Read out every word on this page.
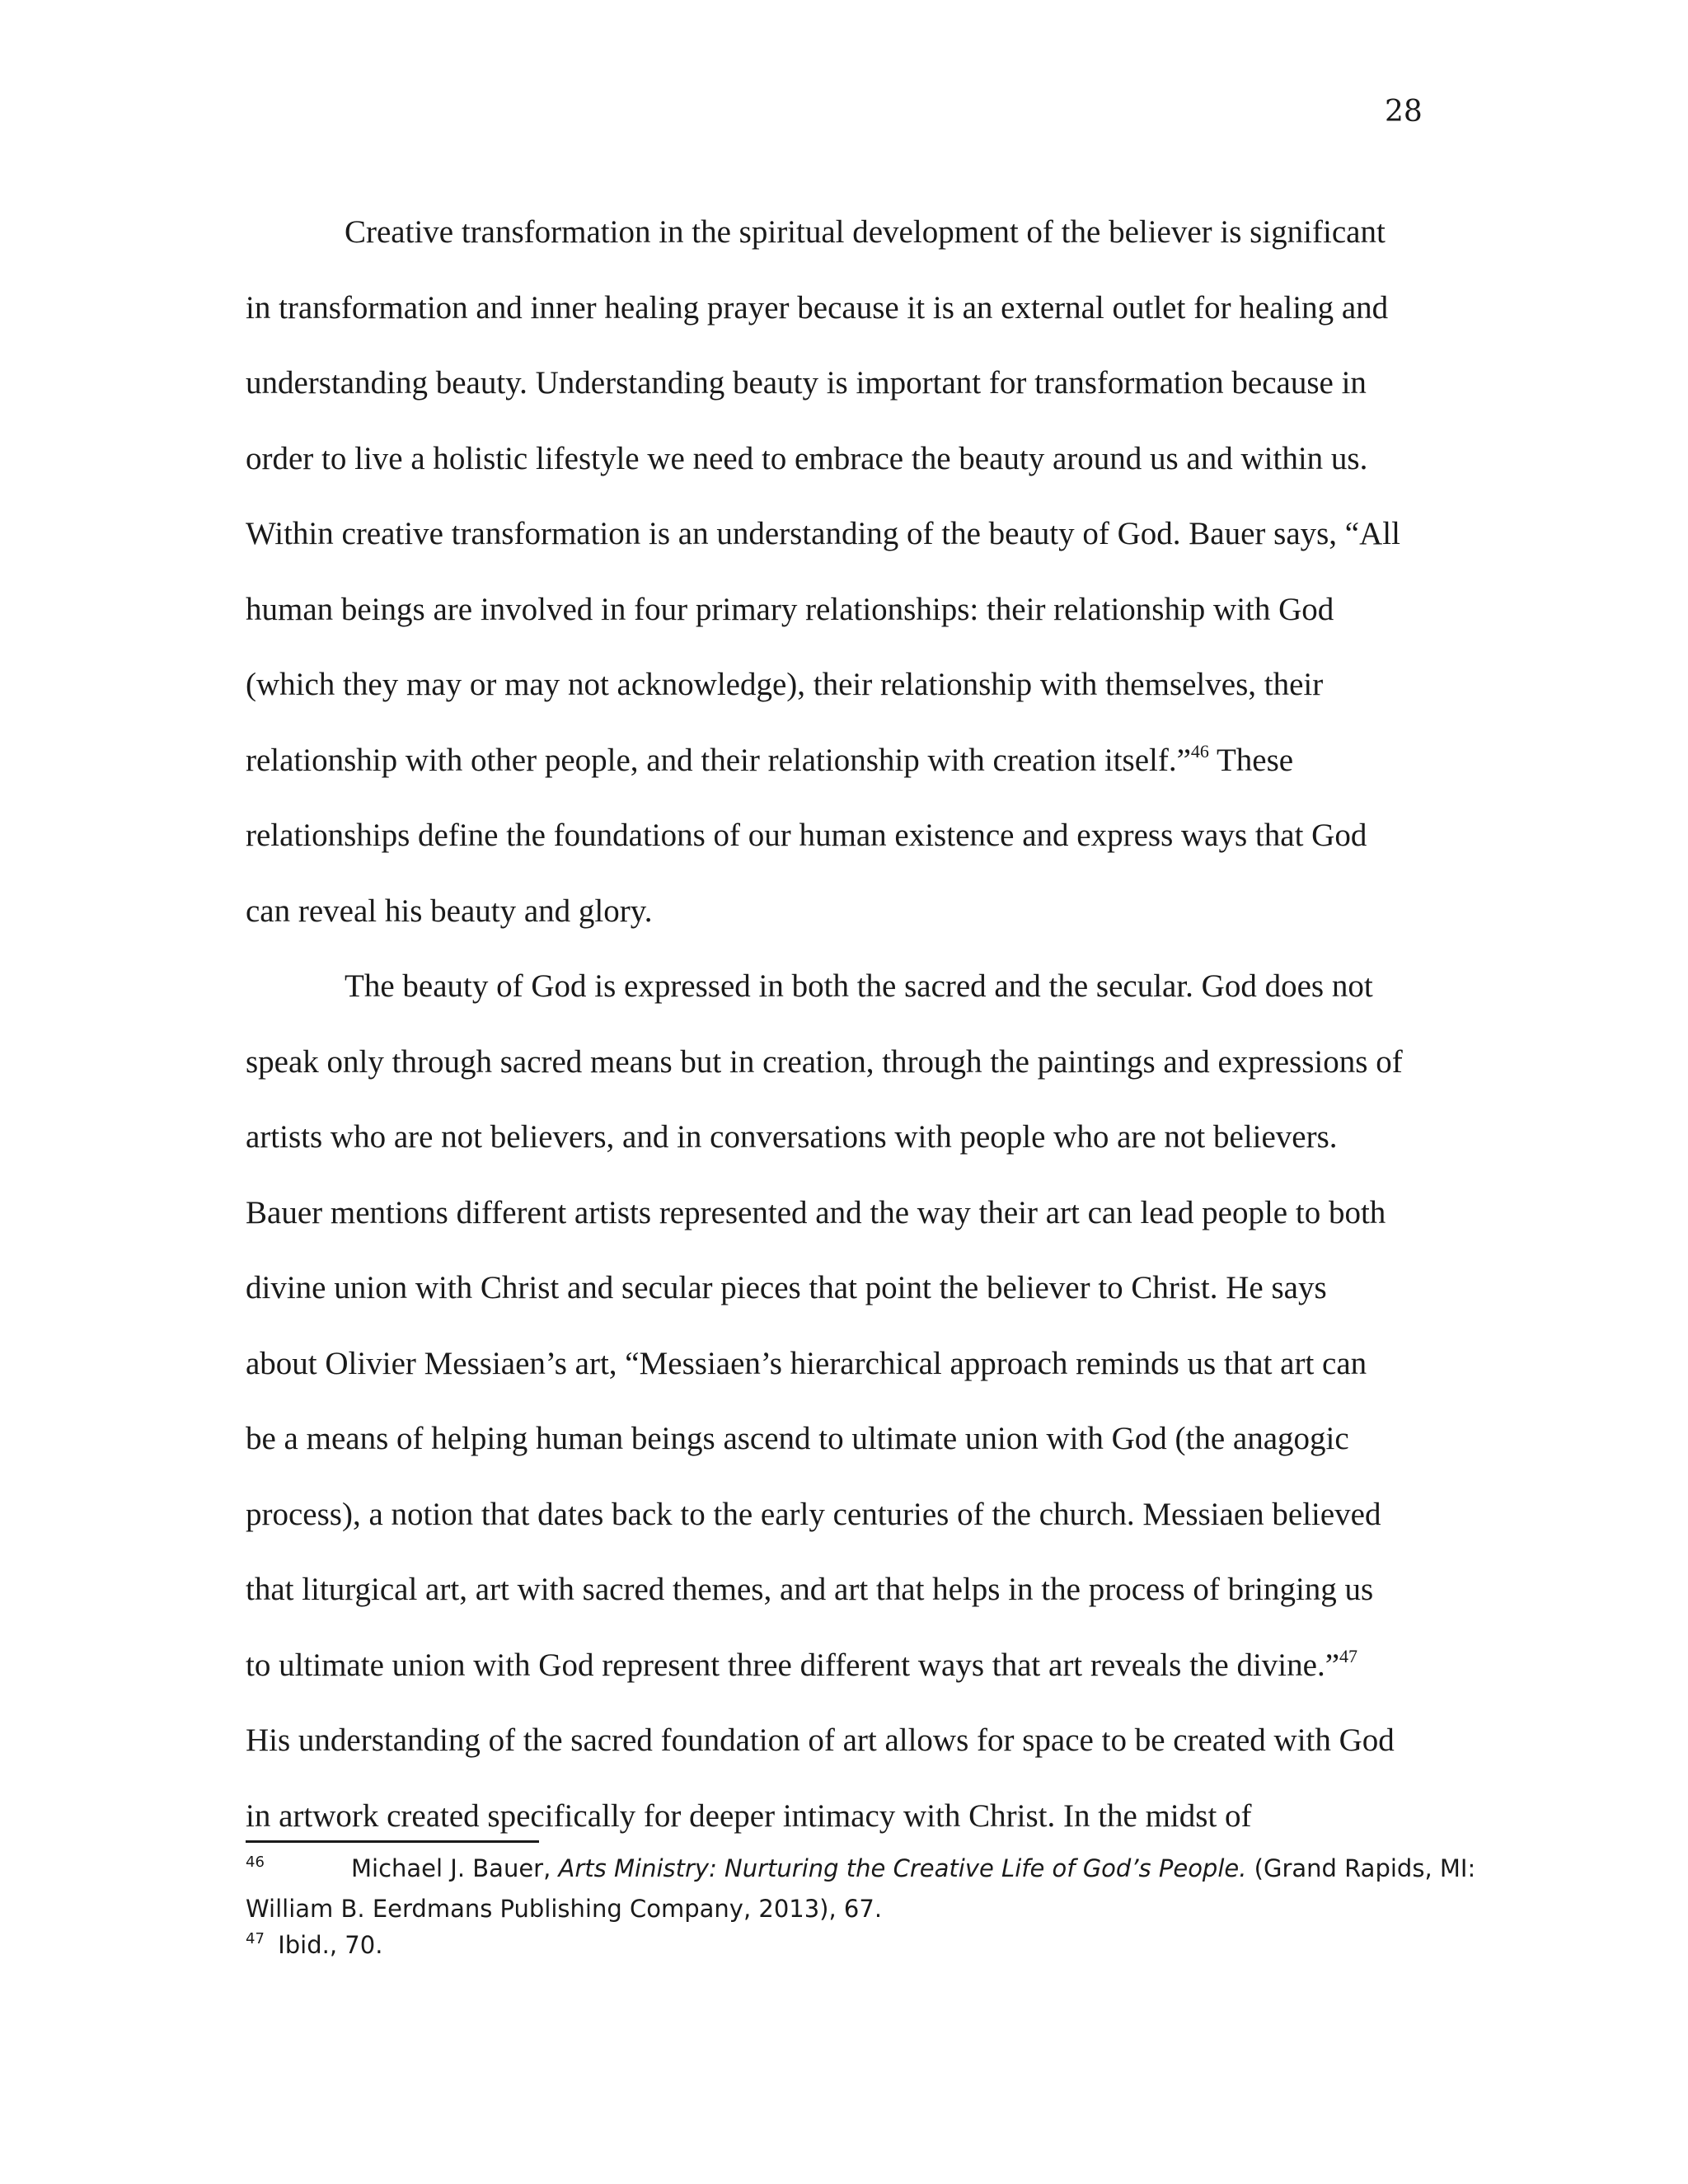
28
Creative transformation in the spiritual development of the believer is significant
in transformation and inner healing prayer because it is an external outlet for healing and
understanding beauty. Understanding beauty is important for transformation because in
order to live a holistic lifestyle we need to embrace the beauty around us and within us.
Within creative transformation is an understanding of the beauty of God. Bauer says, “All
human beings are involved in four primary relationships: their relationship with God
(which they may or may not acknowledge), their relationship with themselves, their
relationship with other people, and their relationship with creation itself.”$^{46}$ These
relationships define the foundations of our human existence and express ways that God
can reveal his beauty and glory.
The beauty of God is expressed in both the sacred and the secular. God does not
speak only through sacred means but in creation, through the paintings and expressions of
artists who are not believers, and in conversations with people who are not believers.
Bauer mentions different artists represented and the way their art can lead people to both
divine union with Christ and secular pieces that point the believer to Christ. He says
about Olivier Messiaen’s art, “Messiaen’s hierarchical approach reminds us that art can
be a means of helping human beings ascend to ultimate union with God (the anagogic
process), a notion that dates back to the early centuries of the church. Messiaen believed
that liturgical art, art with sacred themes, and art that helps in the process of bringing us
to ultimate union with God represent three different ways that art reveals the divine.”$^{47}$
His understanding of the sacred foundation of art allows for space to be created with God
in artwork created specifically for deeper intimacy with Christ. In the midst of
46	Michael J. Bauer, Arts Ministry: Nurturing the Creative Life of God’s People. (Grand Rapids, MI:
William B. Eerdmans Publishing Company, 2013), 67.
47 Ibid., 70.
